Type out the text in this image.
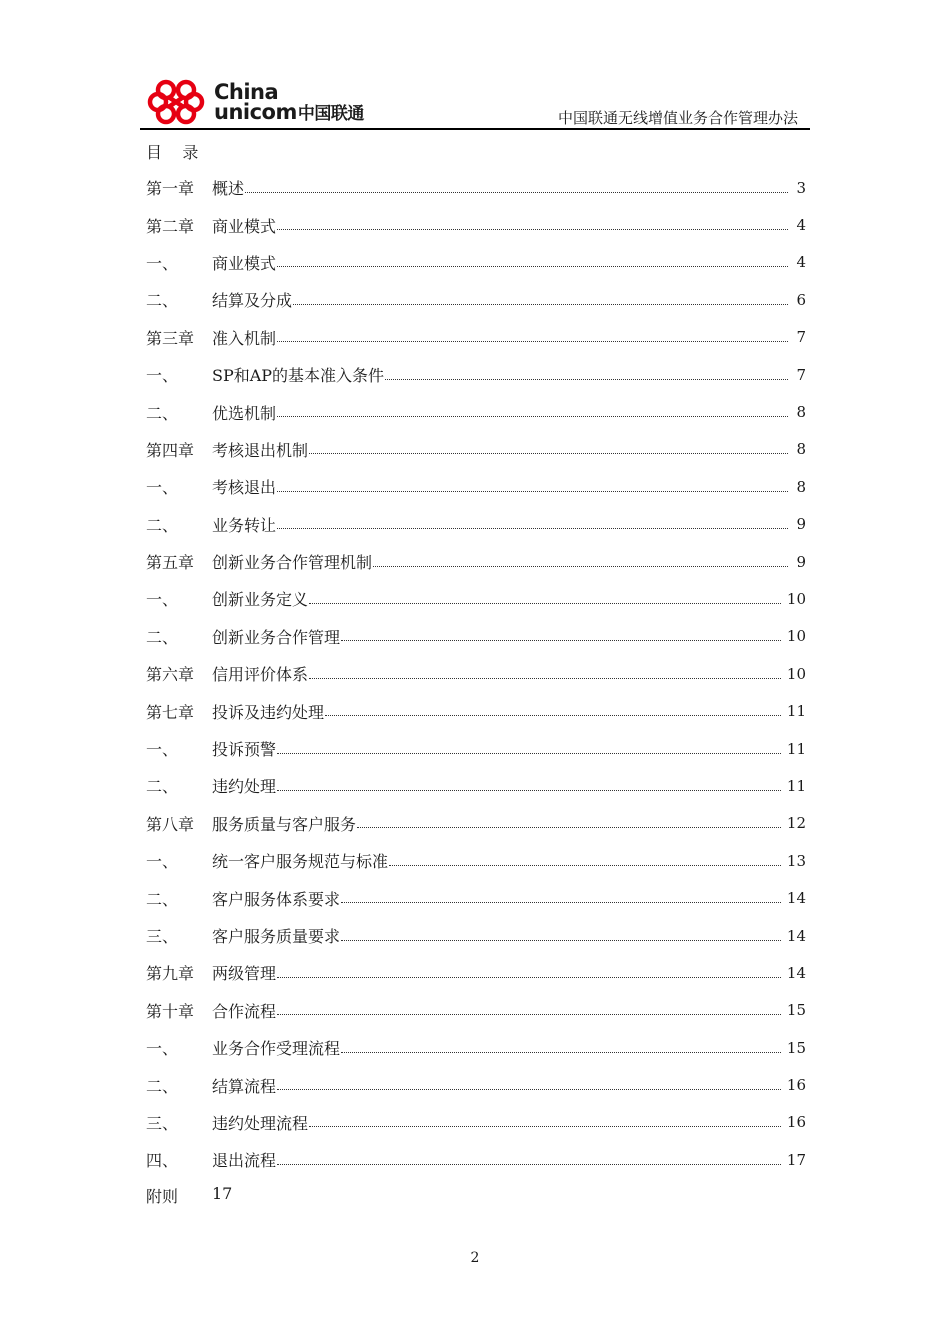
China
unicom中国联通	中国联通无线增值业务合作管理办法
目    录
第一章	概述	3
第二章	商业模式	4
一、	商业模式	4
二、	结算及分成	6
第三章	准入机制	7
一、	SP和AP的基本准入条件	7
二、	优选机制	8
第四章	考核退出机制	8
一、	考核退出	8
二、	业务转让	9
第五章	创新业务合作管理机制	9
一、	创新业务定义	10
二、	创新业务合作管理	10
第六章	信用评价体系	10
第七章	投诉及违约处理	11
一、	投诉预警	11
二、	违约处理	11
第八章	服务质量与客户服务	12
一、	统一客户服务规范与标准	13
二、	客户服务体系要求	14
三、	客户服务质量要求	14
第九章	两级管理	14
第十章	合作流程	15
一、	业务合作受理流程	15
二、	结算流程	16
三、	违约处理流程	16
四、	退出流程	17
附则	17
2
